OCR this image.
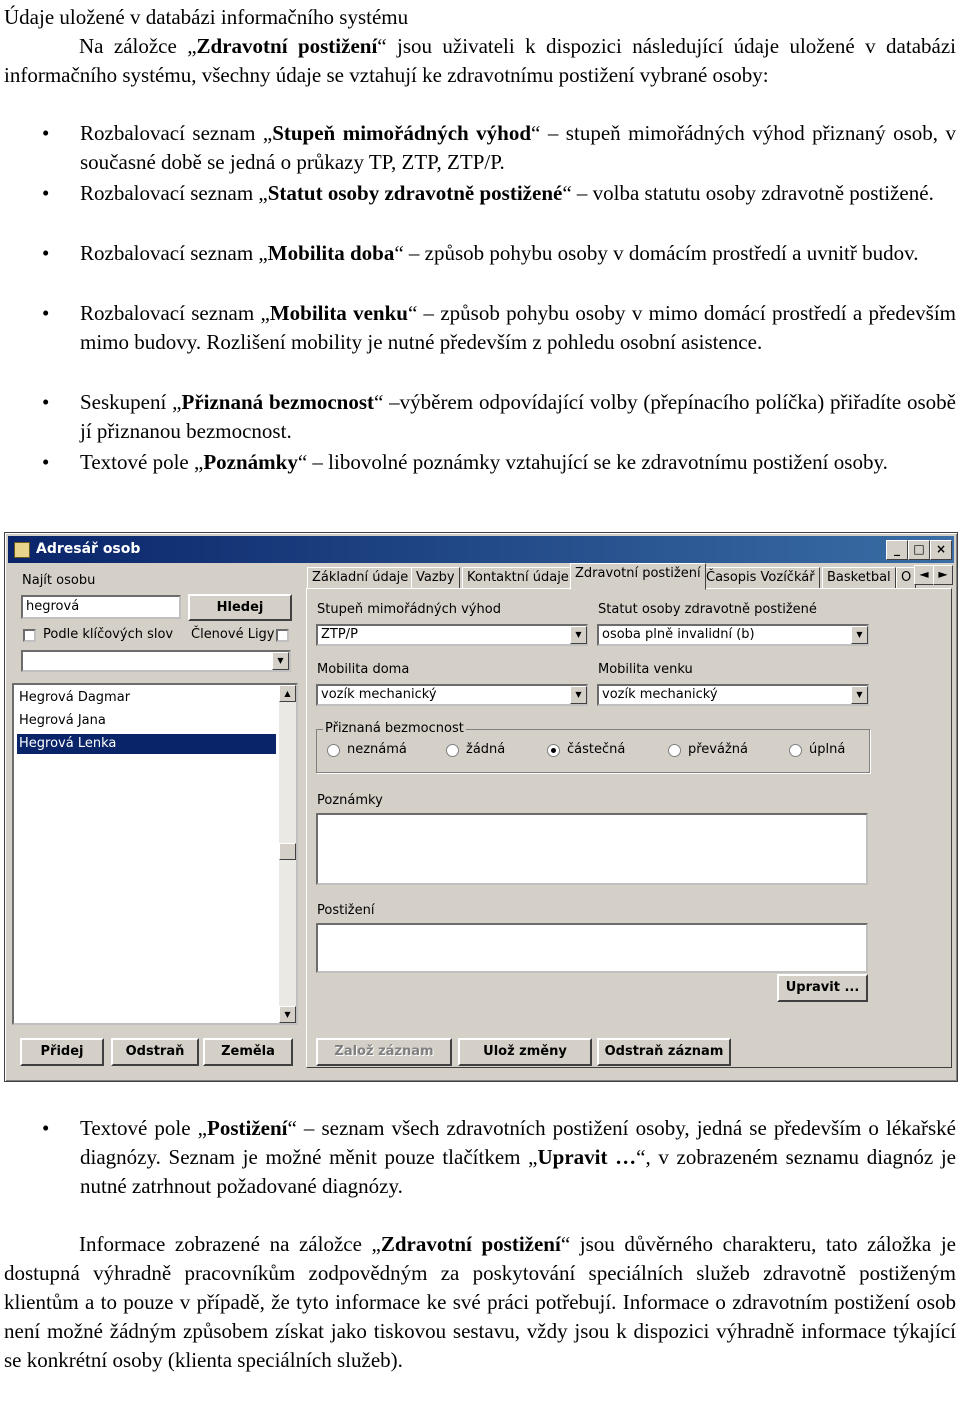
Údaje uložené v databázi informačního systému
Na záložce „Zdravotní postižení“ jsou uživateli k dispozici následující údaje uložené v databázi informačního systému, všechny údaje se vztahují ke zdravotnímu postižení vybrané osoby:
• Rozbalovací seznam „Stupeň mimořádných výhod“ – stupeň mimořádných výhod přiznaný osob, v současné době se jedná o průkazy TP, ZTP, ZTP/P.
• Rozbalovací seznam „Statut osoby zdravotně postižené“ – volba statutu osoby zdravotně postižené.
• Rozbalovací seznam „Mobilita doba“ – způsob pohybu osoby v domácím prostředí a uvnitř budov.
• Rozbalovací seznam „Mobilita venku“ – způsob pohybu osoby v mimo domácí prostředí a především mimo budovy. Rozlišení mobility je nutné především z pohledu osobní asistence.
• Seskupení „Přiznaná bezmocnost“ –výběrem odpovídající volby (přepínacího políčka) přiřadíte osobě jí přiznanou bezmocnost.
• Textové pole „Poznámky“ – libovolné poznámky vztahující se ke zdravotnímu postižení osoby.
• Textové pole „Postižení“ – seznam všech zdravotních postižení osoby, jedná se především o lékařské diagnózy. Seznam je možné měnit pouze tlačítkem „Upravit …“, v zobrazeném seznamu diagnóz je nutné zatrhnout požadované diagnózy.
Informace zobrazené na záložce „Zdravotní postižení“ jsou důvěrného charakteru, tato záložka je dostupná výhradně pracovníkům zodpovědným za poskytování speciálních služeb zdravotně postiženým klientům a to pouze v případě, že tyto informace ke své práci potřebují. Informace o zdravotním postižení osob není možné žádným způsobem získat jako tiskovou sestavu, vždy jsou k dispozici výhradně informace týkající se konkrétní osoby (klienta speciálních služeb).
Adresář osob	_	□ ×
Najít osobu
hegrová	Hledej
Podle klíčových slov Členové Ligy
▼
Hegrová Dagmar
Hegrová Jana
Hegrová Lenka
▲
▼
Přidej	Odstraň	Zeměla
Základní údaje Vazby Kontaktní údaje Zdravotní postižení Časopis Vozíčkář Basketbal O ◄ ►
Stupeň mimořádných výhod
ZTP/P	▼
Statut osoby zdravotně postižené
osoba plně invalidní (b)	▼
Mobilita doma
vozík mechanický	▼
Mobilita venku
vozík mechanický	▼
Přiznaná bezmocnost
neznámá	žádná	částečná	převážná	úplná
Poznámky
Postižení
Upravit ...
Založ záznam	Ulož změny	Odstraň záznam
